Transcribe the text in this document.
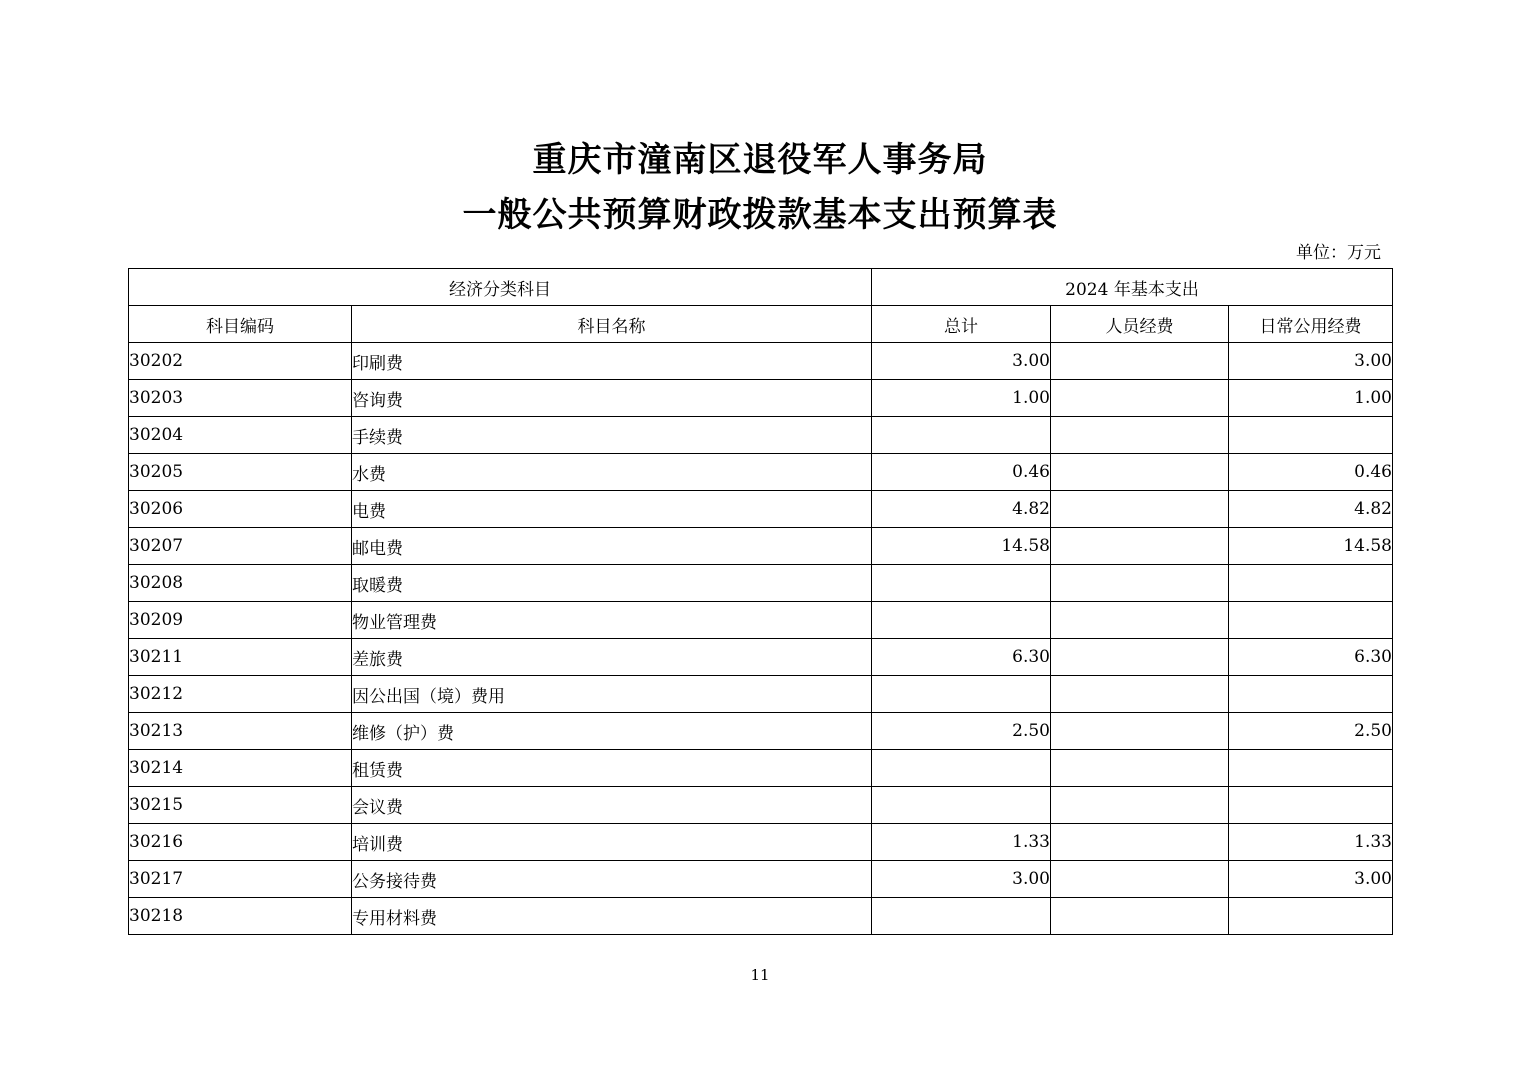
重庆市潼南区退役军人事务局
一般公共预算财政拨款基本支出预算表
单位：万元
经济分类科目		2024 年基本支出		
科目编码	科目名称	总计	人员经费	日常公用经费
30202	印刷费	3.00		3.00
30203	咨询费	1.00		1.00
30204	手续费			
30205	水费	0.46		0.46
30206	电费	4.82		4.82
30207	邮电费	14.58		14.58
30208	取暖费			
30209	物业管理费			
30211	差旅费	6.30		6.30
30212	因公出国（境）费用			
30213	维修（护）费	2.50		2.50
30214	租赁费			
30215	会议费			
30216	培训费	1.33		1.33
30217	公务接待费	3.00		3.00
30218	专用材料费			
11
